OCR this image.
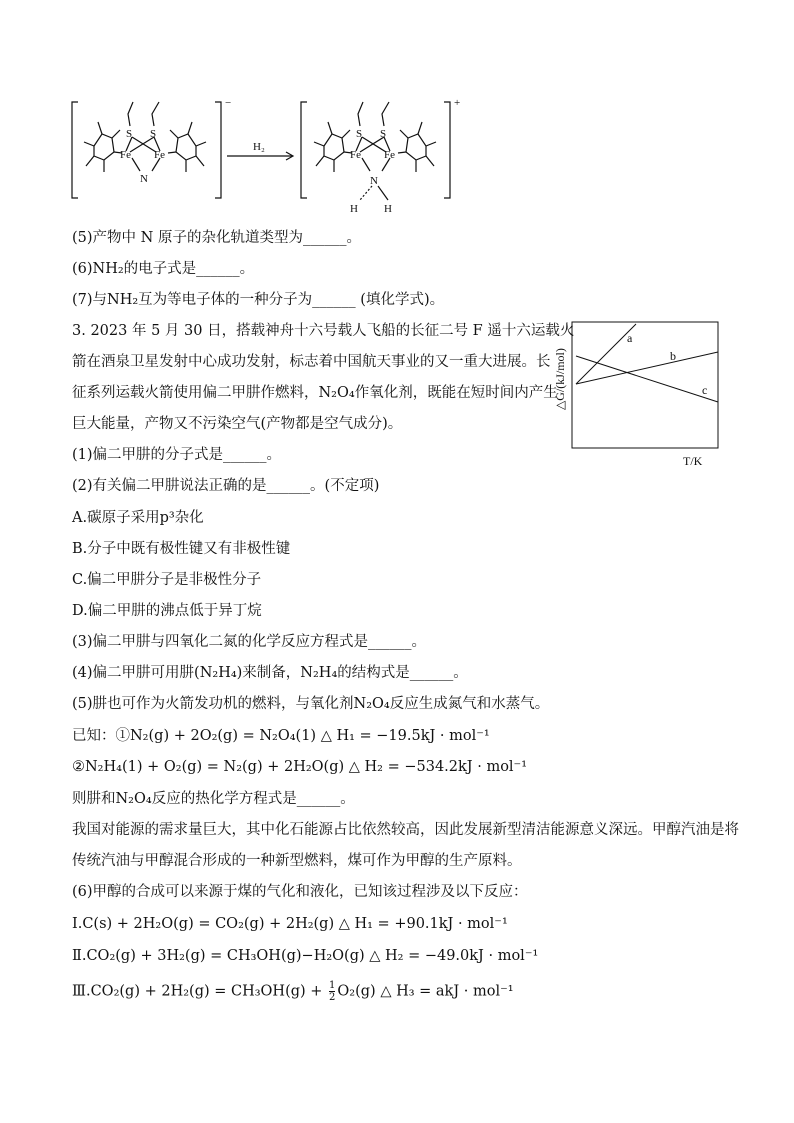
S S
Fe Fe
N
−
H₂
S S
Fe Fe
N
H H
+
(5)产物中 N 原子的杂化轨道类型为______。
(6)NH₂的电子式是______。
(7)与NH₂互为等电子体的一种分子为______ (填化学式)。
3. 2023 年 5 月 30 日，搭载神舟十六号载人飞船的长征二号 F 遥十六运载火
箭在酒泉卫星发射中心成功发射，标志着中国航天事业的又一重大进展。长
征系列运载火箭使用偏二甲肼作燃料，N₂O₄作氧化剂，既能在短时间内产生
巨大能量，产物又不污染空气(产物都是空气成分)。
(1)偏二甲肼的分子式是______。
(2)有关偏二甲肼说法正确的是______。(不定项)
A.碳原子采用p³杂化
B.分子中既有极性键又有非极性键
C.偏二甲肼分子是非极性分子
D.偏二甲肼的沸点低于异丁烷
(3)偏二甲肼与四氧化二氮的化学反应方程式是______。
(4)偏二甲肼可用肼(N₂H₄)来制备，N₂H₄的结构式是______。
(5)肼也可作为火箭发功机的燃料，与氧化剂N₂O₄反应生成氮气和水蒸气。
已知：①N₂(g) + 2O₂(g) = N₂O₄(1) △ H₁ = −19.5kJ · mol⁻¹
②N₂H₄(1) + O₂(g) = N₂(g) + 2H₂O(g) △ H₂ = −534.2kJ · mol⁻¹
则肼和N₂O₄反应的热化学方程式是______。
我国对能源的需求量巨大，其中化石能源占比依然较高，因此发展新型清洁能源意义深远。甲醇汽油是将
传统汽油与甲醇混合形成的一种新型燃料，煤可作为甲醇的生产原料。
(6)甲醇的合成可以来源于煤的气化和液化，已知该过程涉及以下反应：
Ⅰ.C(s) + 2H₂O(g) = CO₂(g) + 2H₂(g) △ H₁ = +90.1kJ · mol⁻¹
Ⅱ.CO₂(g) + 3H₂(g) = CH₃OH(g)−H₂O(g) △ H₂ = −49.0kJ · mol⁻¹
Ⅲ.CO₂(g) + $2H_2(g) = CH_3OH(g) + \frac{1}{2} O_2(g)$ △ H₃ = akJ · mol⁻¹
a
b
c
T/K
△G/(kJ/mol)
